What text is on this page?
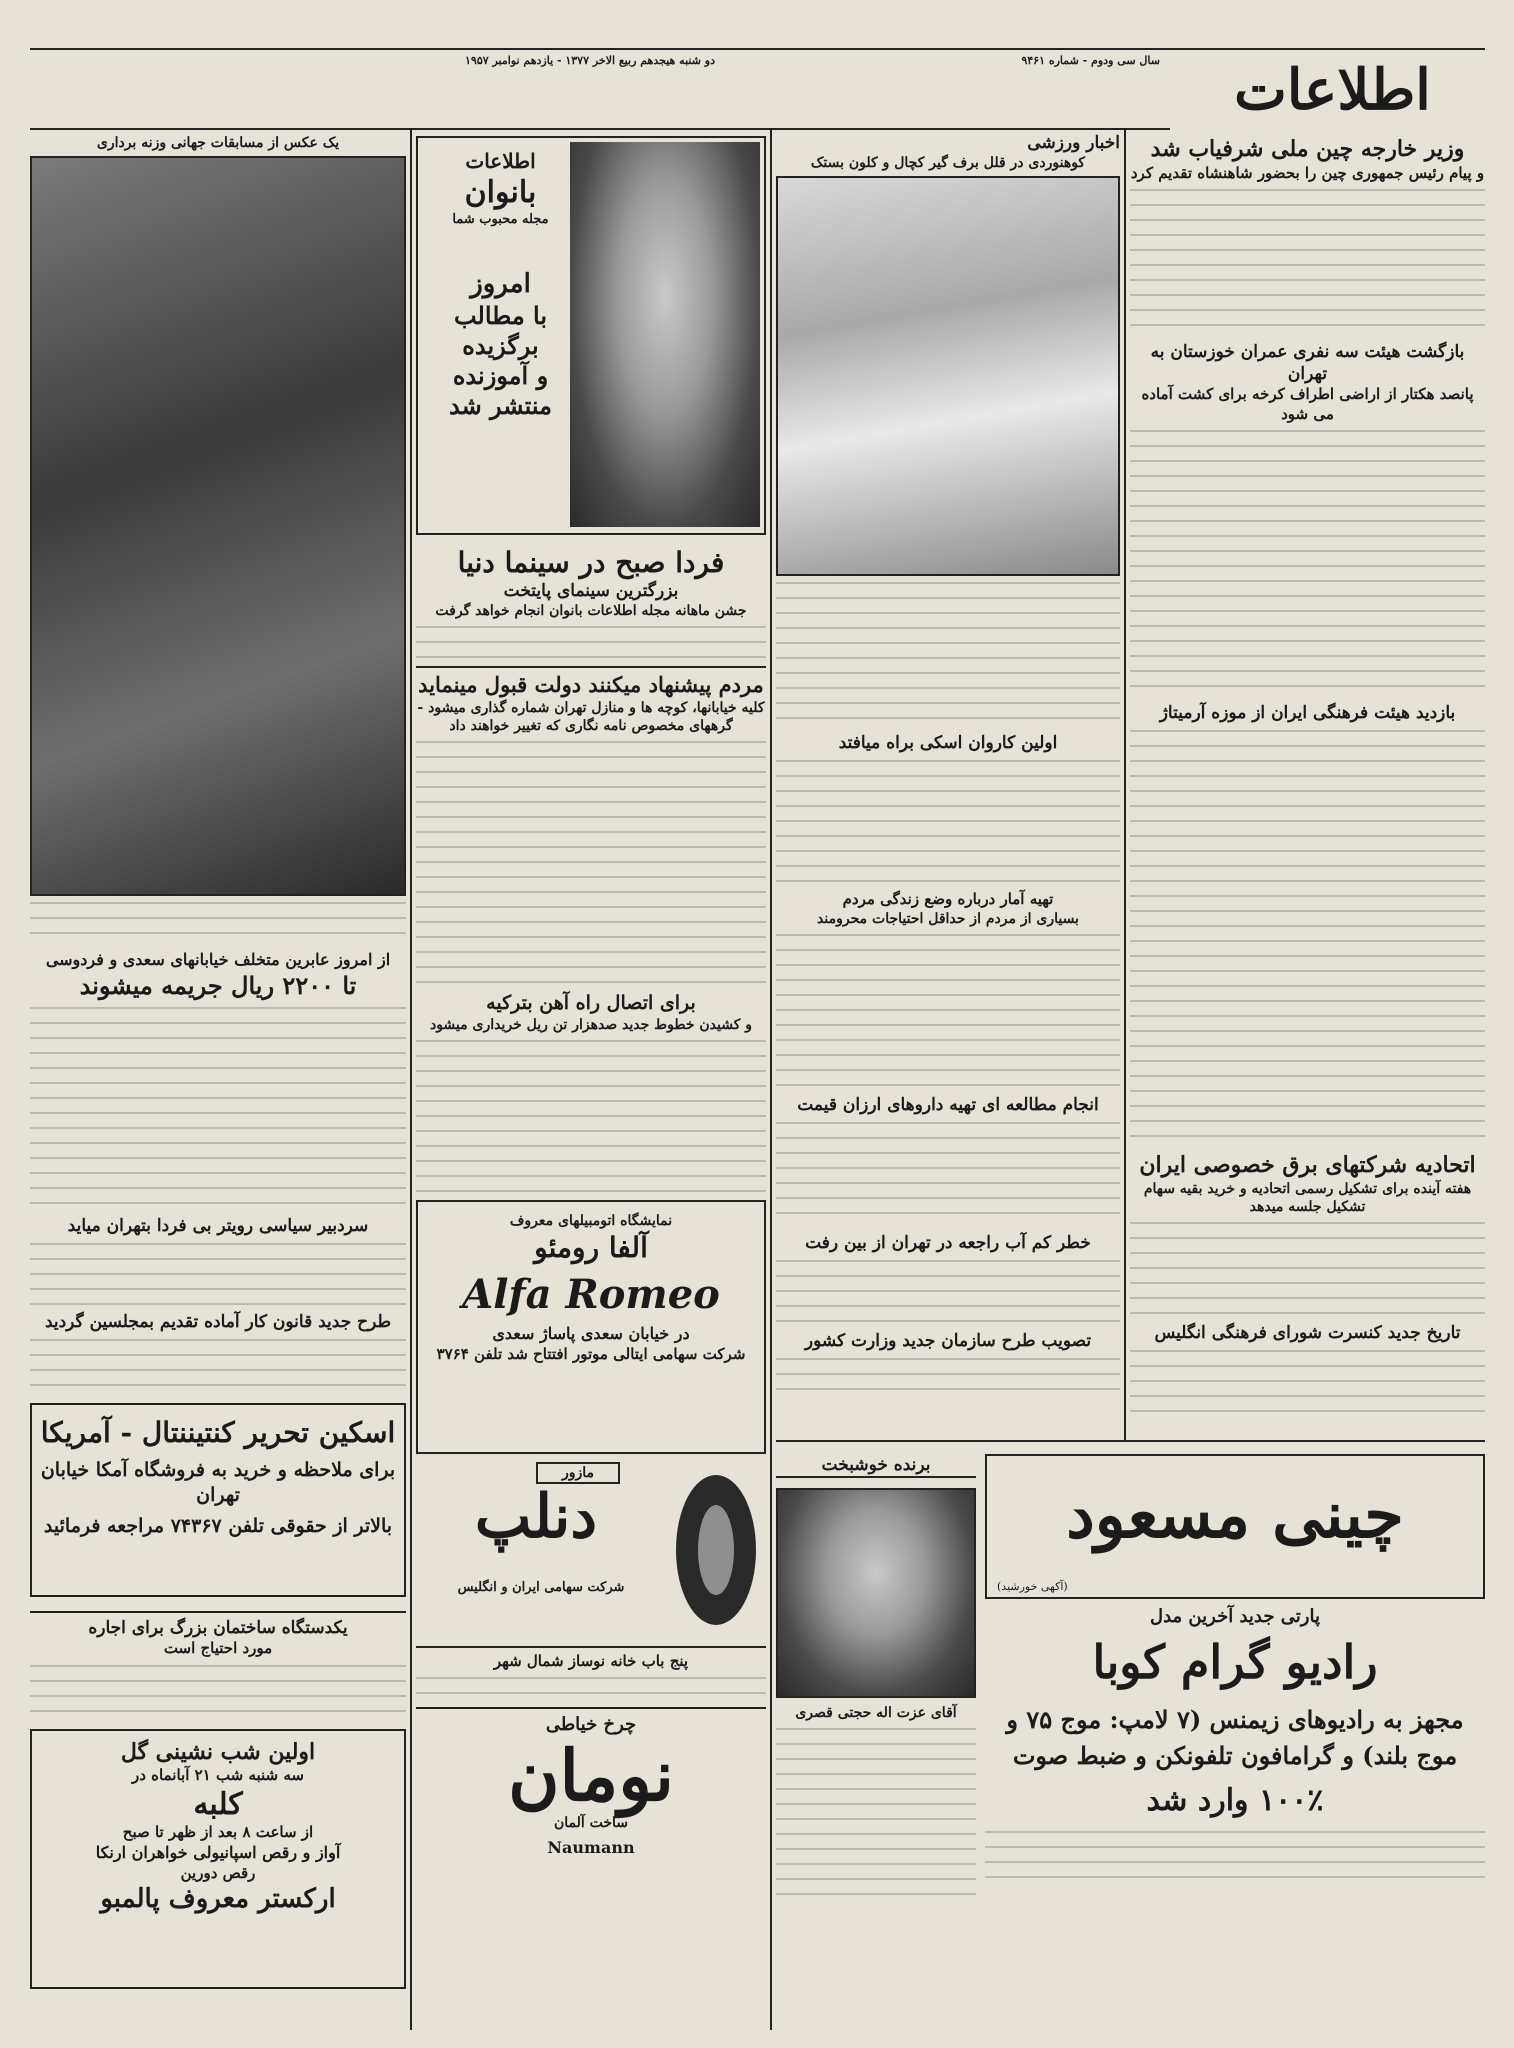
اطلاعات
سال سی ودوم - شماره ۹۴۶۱
دو شنبه هیجدهم ربیع الاخر ۱۳۷۷ - یازدهم نوامبر ۱۹۵۷
وزیر خارجه چین ملی شرفیاب شد
و پیام رئیس جمهوری چین را بحضور شاهنشاه تقدیم کرد
بازگشت هیئت سه نفری عمران خوزستان به تهران
پانصد هکتار از اراضی اطراف کرخه برای کشت آماده می شود
بازدید هیئت فرهنگی ایران از موزه آرمیتاژ
اتحادیه شرکتهای برق خصوصی ایران
هفته آینده برای تشکیل رسمی اتحادیه و خرید بقیه سهام تشکیل جلسه میدهد
تاریخ جدید کنسرت شورای فرهنگی انگلیس
اخبار ورزشی
کوهنوردی در قلل برف گیر کچال و کلون بستک
اولین کاروان اسکی براه میافتد
تهیه آمار درباره وضع زندگی مردم
بسیاری از مردم از حداقل احتیاجات محرومند
انجام مطالعه ای تهیه داروهای ارزان قیمت
خطر کم آب راجعه در تهران از بین رفت
تصویب طرح سازمان جدید وزارت کشور
اطلاعات
بانوان
مجله محبوب شما
امروز
با مطالب
برگزیده
و آموزنده
منتشر شد
فردا صبح در سینما دنیا
بزرگترین سینمای پایتخت
جشن ماهانه مجله اطلاعات بانوان انجام خواهد گرفت
مردم پیشنهاد میکنند دولت قبول مینماید
کلیه خیابانها، کوچه ها و منازل تهران شماره گذاری میشود - گرههای مخصوص نامه نگاری که تغییر خواهند داد
برای اتصال راه آهن بترکیه
و کشیدن خطوط جدید صدهزار تن ریل خریداری میشود
نمایشگاه اتومبیلهای معروف
آلفا رومئو
Alfa Romeo
در خیابان سعدی پاساژ سعدی
شرکت سهامی ایتالی موتور افتتاح شد تلفن ۳۷۶۴
دنلپ
مازور
شرکت سهامی ایران و انگلیس
پنج باب خانه نوساز شمال شهر
چرخ خیاطی
نومان
ساخت آلمان
Naumann
یک عکس از مسابقات جهانی وزنه برداری
از امروز عابرین متخلف خیابانهای سعدی و فردوسی
تا ۲۲۰۰ ریال جریمه میشوند
سردبیر سیاسی رویتر بی فردا بتهران میاید
طرح جدید قانون کار آماده تقدیم بمجلسین گردید
اسکین تحریر کنتیننتال - آمریکا
برای ملاحظه و خرید به فروشگاه آمکا خیابان تهران
بالاتر از حقوقی تلفن ۷۴۳۶۷ مراجعه فرمائید
یکدستگاه ساختمان بزرگ برای اجاره
مورد احتیاج است
اولین شب نشینی گل
سه شنبه شب ۲۱ آبانماه در
کلبه
از ساعت ۸ بعد از ظهر تا صبح
آواز و رقص اسپانیولی خواهران ارنکا
رقص دورین
ارکستر معروف پالمبو
چینی مسعود
(آکهی خورشید)
برنده خوشبخت
آقای عزت اله حجتی قصری
پارتی جدید آخرین مدل
رادیو گرام کوبا
مجهز به رادیوهای زیمنس (۷ لامپ: موج ۷۵ و موج بلند) و گرامافون تلفونکن و ضبط صوت
۱۰۰٪ وارد شد
